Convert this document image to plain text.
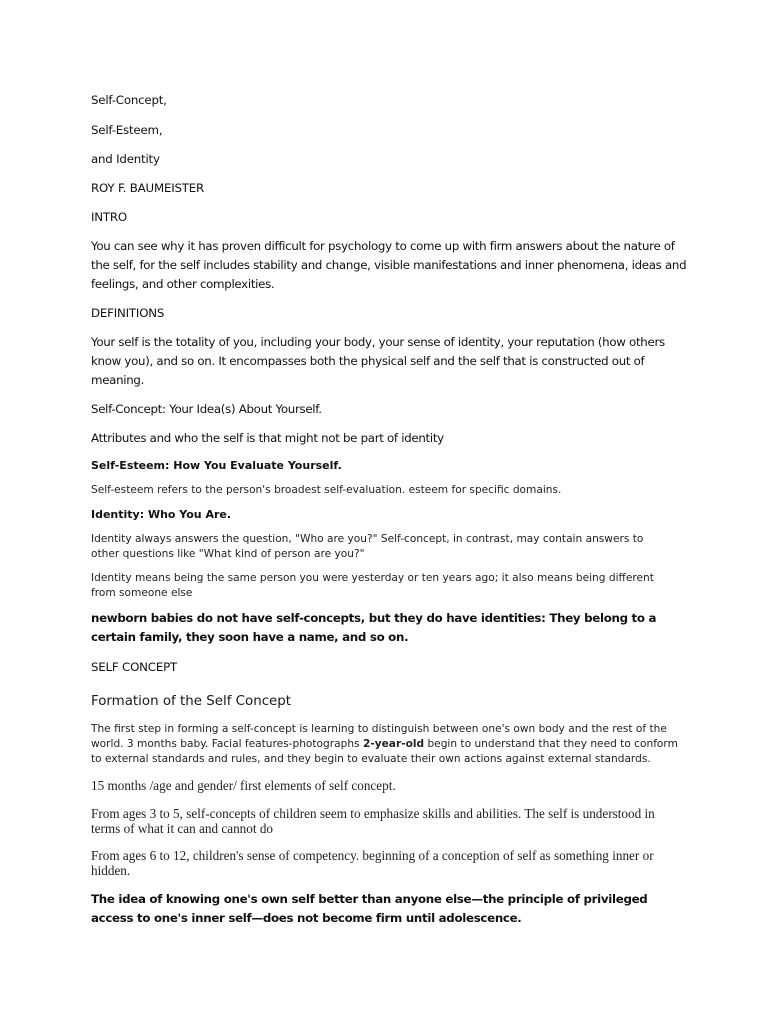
Self-Concept,

Self-Esteem,

and Identity

ROY F. BAUMEISTER

INTRO

You can see why it has proven difficult for psychology to come up with firm answers about the nature of the self, for the self includes stability and change, visible manifestations and inner phenomena, ideas and feelings, and other complexities.

DEFINITIONS

Your self is the totality of you, including your body, your sense of identity, your reputation (how others know you), and so on. It encompasses both the physical self and the self that is constructed out of meaning.

Self-Concept: Your Idea(s) About Yourself.

Attributes and who the self is that might not be part of identity

Self-Esteem: How You Evaluate Yourself.

Self-esteem refers to the person's broadest self-evaluation. esteem for specific domains.

Identity: Who You Are.

Identity always answers the question, "Who are you?" Self-concept, in contrast, may contain answers to other questions like "What kind of person are you?"

Identity means being the same person you were yesterday or ten years ago; it also means being different from someone else

newborn babies do not have self-concepts, but they do have identities: They belong to a certain family, they soon have a name, and so on.

SELF CONCEPT

Formation of the Self Concept

The first step in forming a self-concept is learning to distinguish between one's own body and the rest of the world. 3 months baby. Facial features-photographs 2-year-old begin to understand that they need to conform to external standards and rules, and they begin to evaluate their own actions against external standards.

15 months /age and gender/ first elements of self concept.

From ages 3 to 5, self-concepts of children seem to emphasize skills and abilities. The self is understood in terms of what it can and cannot do

From ages 6 to 12, children's sense of competency. beginning of a conception of self as something inner or hidden.

The idea of knowing one's own self better than anyone else—the principle of privileged access to one's inner self—does not become firm until adolescence.
